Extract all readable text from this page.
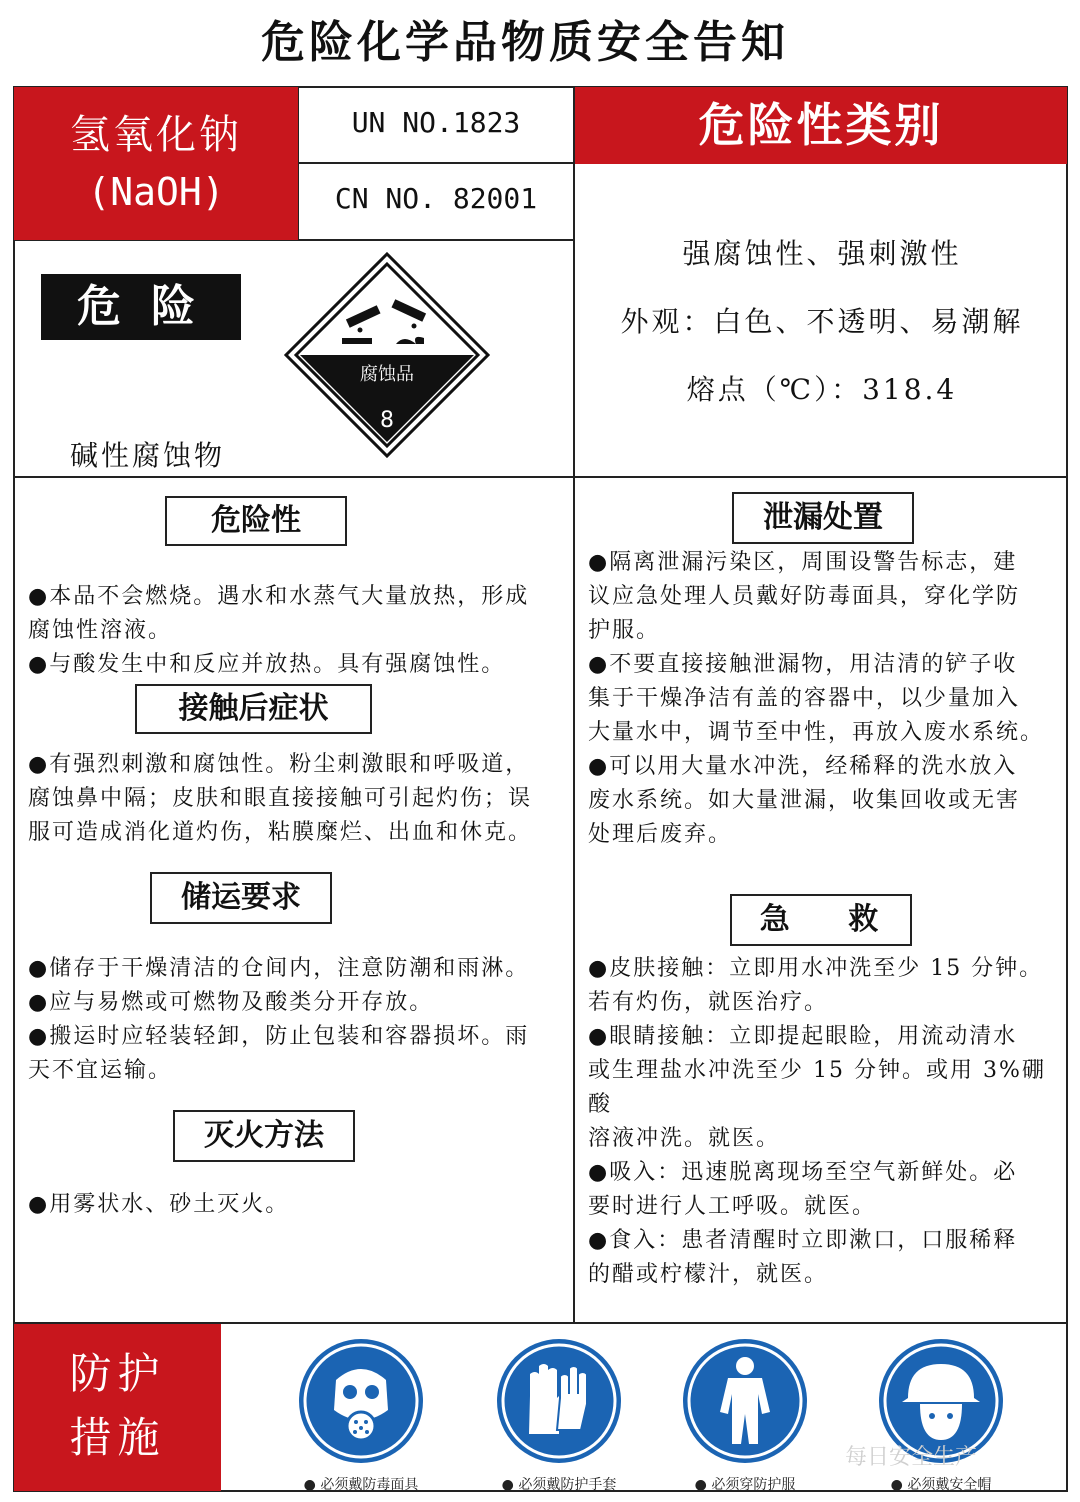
危险化学品物质安全告知
氢氧化钠
(NaOH)
UN NO.1823
CN NO. 82001
危险性类别
强腐蚀性、强刺激性
外观：白色、不透明、易潮解
熔点（℃）：318.4
危险
腐蚀品
8
碱性腐蚀物
危险性
●本品不会燃烧。遇水和水蒸气大量放热，形成
腐蚀性溶液。
●与酸发生中和反应并放热。具有强腐蚀性。
接触后症状
●有强烈刺激和腐蚀性。粉尘刺激眼和呼吸道，
腐蚀鼻中隔；皮肤和眼直接接触可引起灼伤；误
服可造成消化道灼伤，粘膜糜烂、出血和休克。
储运要求
●储存于干燥清洁的仓间内，注意防潮和雨淋。
●应与易燃或可燃物及酸类分开存放。
●搬运时应轻装轻卸，防止包装和容器损坏。雨
天不宜运输。
灭火方法
●用雾状水、砂土灭火。
泄漏处置
●隔离泄漏污染区，周围设警告标志，建
议应急处理人员戴好防毒面具，穿化学防
护服。
●不要直接接触泄漏物，用洁清的铲子收
集于干燥净洁有盖的容器中，以少量加入
大量水中，调节至中性，再放入废水系统。
●可以用大量水冲洗，经稀释的洗水放入
废水系统。如大量泄漏，收集回收或无害
处理后废弃。
急 救
●皮肤接触：立即用水冲洗至少 15 分钟。
若有灼伤，就医治疗。
●眼睛接触：立即提起眼睑，用流动清水
或生理盐水冲洗至少 15 分钟。或用 3%硼酸
溶液冲洗。就医。
●吸入：迅速脱离现场至空气新鲜处。必
要时进行人工呼吸。就医。
●食入：患者清醒时立即漱口，口服稀释
的醋或柠檬汁，就医。
防护
措施
● 必须戴防毒面具	● 必须戴防护手套	● 必须穿防护服	● 必须戴安全帽
每日安全生产
